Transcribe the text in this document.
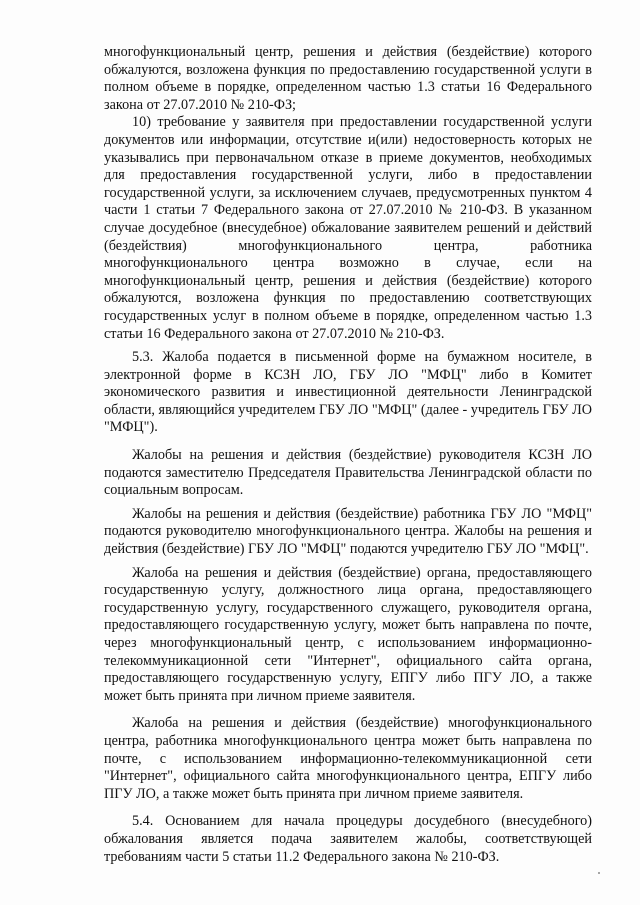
многофункциональный центр, решения и действия (бездействие) которого обжалуются, возложена функция по предоставлению государственной услуги в полном объеме в порядке, определенном частью 1.3 статьи 16 Федерального закона от 27.07.2010 № 210-ФЗ;

10) требование у заявителя при предоставлении государственной услуги документов или информации, отсутствие и(или) недостоверность которых не указывались при первоначальном отказе в приеме документов, необходимых для предоставления государственной услуги, либо в предоставлении государственной услуги, за исключением случаев, предусмотренных пунктом 4 части 1 статьи 7 Федерального закона от 27.07.2010 № 210-ФЗ. В указанном случае досудебное (внесудебное) обжалование заявителем решений и действий (бездействия) многофункционального центра, работника многофункционального центра возможно в случае, если на многофункциональный центр, решения и действия (бездействие) которого обжалуются, возложена функция по предоставлению соответствующих государственных услуг в полном объеме в порядке, определенном частью 1.3 статьи 16 Федерального закона от 27.07.2010 № 210-ФЗ.

5.3. Жалоба подается в письменной форме на бумажном носителе, в электронной форме в КСЗН ЛО, ГБУ ЛО "МФЦ" либо в Комитет экономического развития и инвестиционной деятельности Ленинградской области, являющийся учредителем ГБУ ЛО "МФЦ" (далее - учредитель ГБУ ЛО "МФЦ").

Жалобы на решения и действия (бездействие) руководителя КСЗН ЛО подаются заместителю Председателя Правительства Ленинградской области по социальным вопросам.

Жалобы на решения и действия (бездействие) работника ГБУ ЛО "МФЦ" подаются руководителю многофункционального центра. Жалобы на решения и действия (бездействие) ГБУ ЛО "МФЦ" подаются учредителю ГБУ ЛО "МФЦ".

Жалоба на решения и действия (бездействие) органа, предоставляющего государственную услугу, должностного лица органа, предоставляющего государственную услугу, государственного служащего, руководителя органа, предоставляющего государственную услугу, может быть направлена по почте, через многофункциональный центр, с использованием информационно-телекоммуникационной сети "Интернет", официального сайта органа, предоставляющего государственную услугу, ЕПГУ либо ПГУ ЛО, а также может быть принята при личном приеме заявителя.

Жалоба на решения и действия (бездействие) многофункционального центра, работника многофункционального центра может быть направлена по почте, с использованием информационно-телекоммуникационной сети "Интернет", официального сайта многофункционального центра, ЕПГУ либо ПГУ ЛО, а также может быть принята при личном приеме заявителя.

5.4. Основанием для начала процедуры досудебного (внесудебного) обжалования является подача заявителем жалобы, соответствующей требованиям части 5 статьи 11.2 Федерального закона № 210-ФЗ.
